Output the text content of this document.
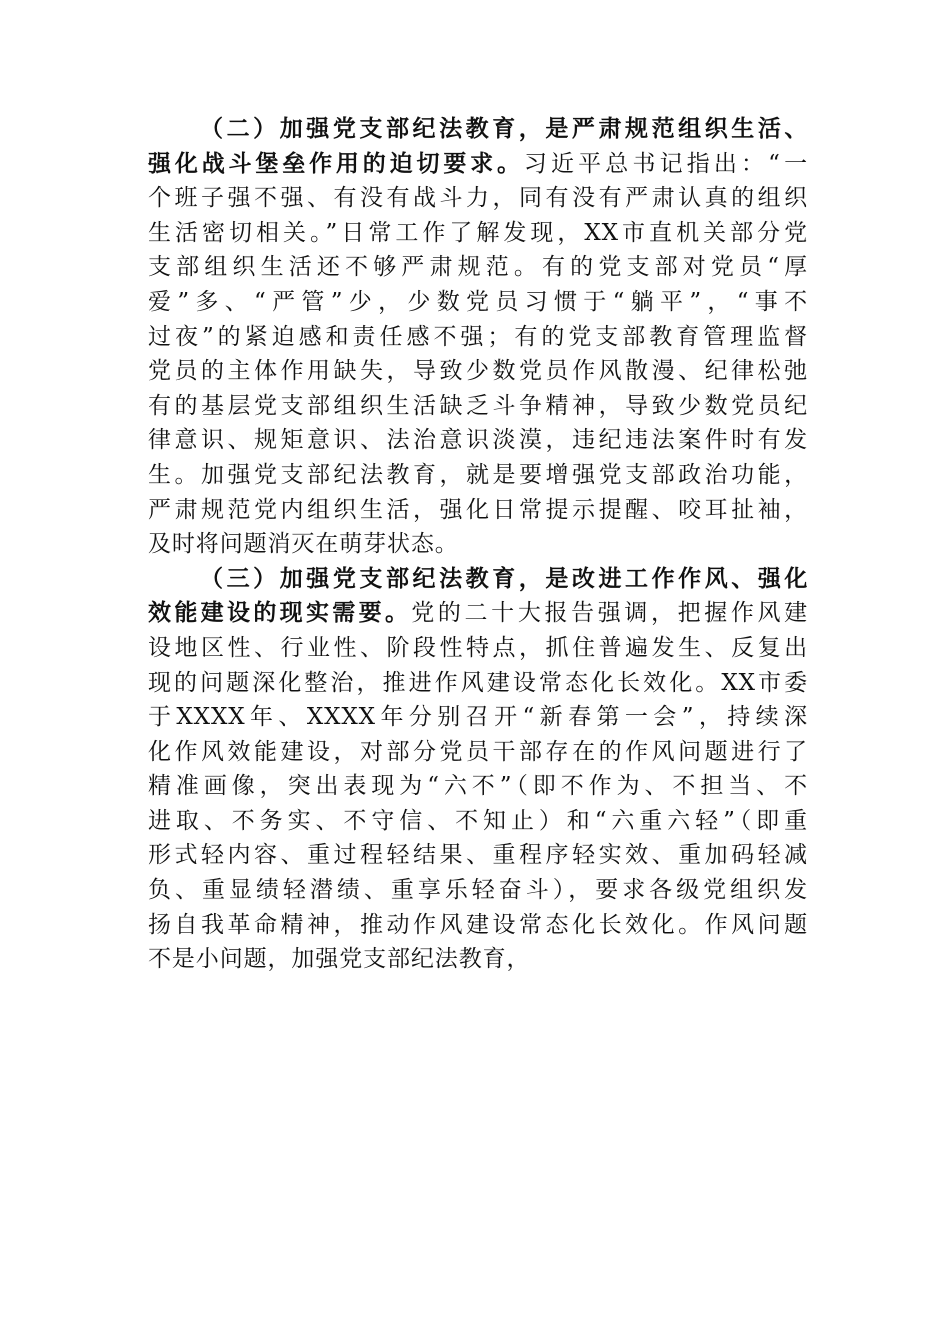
（二）加强党支部纪法教育，是严肃规范组织生活、
强化战斗堡垒作用的迫切要求。习近平总书记指出：“一
个班子强不强、有没有战斗力，同有没有严肃认真的组织
生活密切相关。”日常工作了解发现，XX市直机关部分党
支部组织生活还不够严肃规范。有的党支部对党员“厚
爱”多、“严管”少，少数党员习惯于“躺平”，“事不
过夜”的紧迫感和责任感不强；有的党支部教育管理监督
党员的主体作用缺失，导致少数党员作风散漫、纪律松弛
有的基层党支部组织生活缺乏斗争精神，导致少数党员纪
律意识、规矩意识、法治意识淡漠，违纪违法案件时有发
生。加强党支部纪法教育，就是要增强党支部政治功能，
严肃规范党内组织生活，强化日常提示提醒、咬耳扯袖，
及时将问题消灭在萌芽状态。
（三）加强党支部纪法教育，是改进工作作风、强化
效能建设的现实需要。党的二十大报告强调，把握作风建
设地区性、行业性、阶段性特点，抓住普遍发生、反复出
现的问题深化整治，推进作风建设常态化长效化。XX市委
于XXXX年、XXXX年分别召开“新春第一会”，持续深
化作风效能建设，对部分党员干部存在的作风问题进行了
精准画像，突出表现为“六不”（即不作为、不担当、不
进取、不务实、不守信、不知止）和“六重六轻”（即重
形式轻内容、重过程轻结果、重程序轻实效、重加码轻减
负、重显绩轻潜绩、重享乐轻奋斗），要求各级党组织发
扬自我革命精神，推动作风建设常态化长效化。作风问题
不是小问题，加强党支部纪法教育，
